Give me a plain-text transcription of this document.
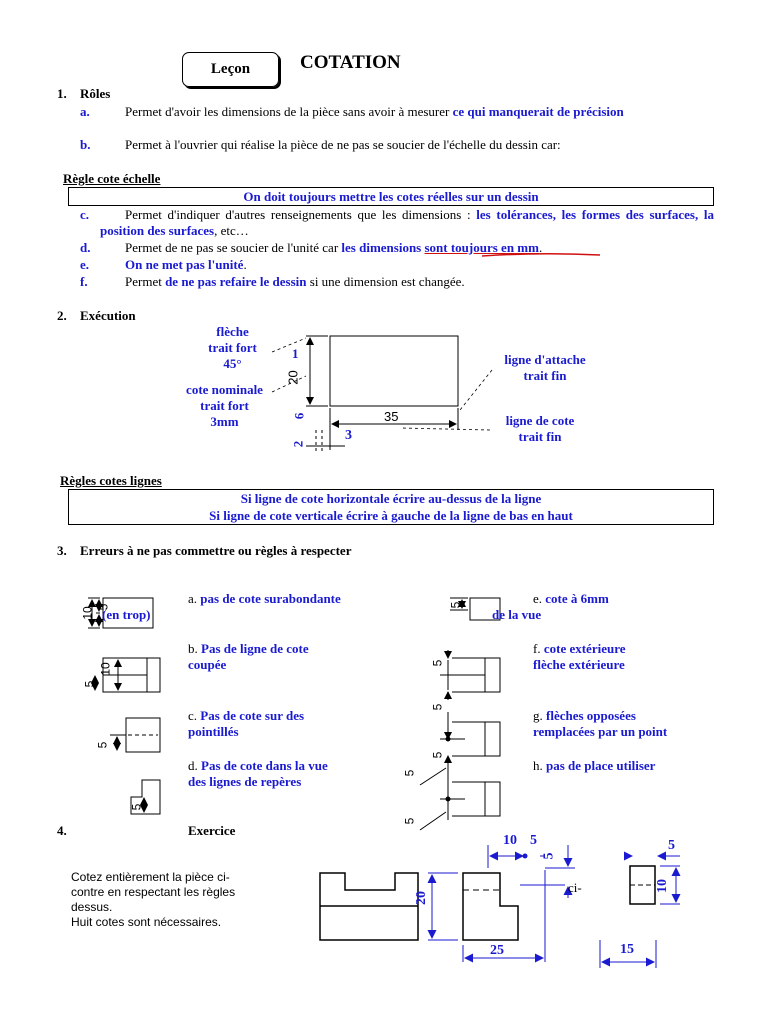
Leçon	COTATION
1. Rôles
a.	Permet d'avoir les dimensions de la pièce sans avoir à mesurer ce qui manquerait de précision
b.	Permet à l'ouvrier qui réalise la pièce de ne pas se soucier de l'échelle du dessin car:
Règle cote échelle
On doit toujours mettre les cotes réelles sur un dessin
c.	Permet d'indiquer d'autres renseignements que les dimensions : les tolérances, les formes des surfaces, la position des surfaces, etc…
d.	Permet de ne pas se soucier de l'unité car les dimensions sont toujours en mm.
e.	On ne met pas l'unité.
f.	Permet de ne pas refaire le dessin si une dimension est changée.
2. Exécution
flèche
trait fort
45°
cote nominale
trait fort
3mm
ligne d'attache
trait fin
ligne de cote
trait fin
35
20
1
6
2
3
Règles cotes lignes
Si ligne de cote horizontale écrire au-dessus de la ligne
Si ligne de cote verticale écrire à gauche de la ligne de bas en haut
3. Erreurs à ne pas commettre ou règles à respecter
a. pas de cote surabondante
(en trop)
b. Pas de ligne de cote
coupée
c. Pas de cote sur des
pointillés
d. Pas de cote dans la vue
des lignes de repères
e. cote à 6mm
de la vue
f. cote extérieure
flèche extérieure
g. flèches opposées
remplacées par un point
h. pas de place utiliser
10 5
10
5
5
5
5
5
5
5
5
5
4.	Exercice
Cotez entièrement la pièce ci-
contre en respectant les règles
dessus.
Huit cotes sont nécessaires.
20
25
10 5
5
ci-
5
10
15
